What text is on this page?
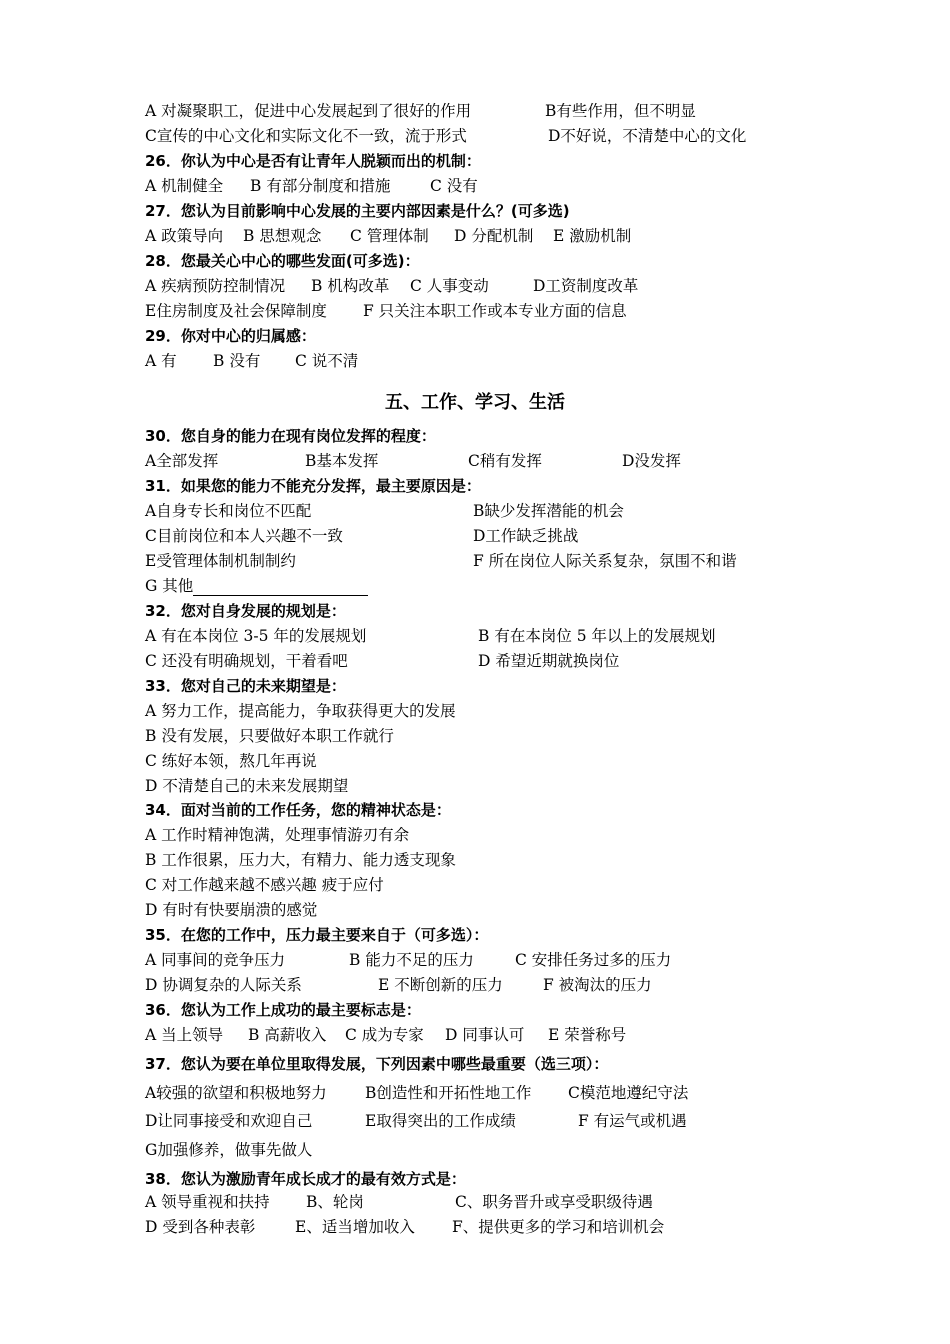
A 对凝聚职工，促进中心发展起到了很好的作用	B有些作用，但不明显
C宣传的中心文化和实际文化不一致，流于形式	D不好说，不清楚中心的文化
26．你认为中心是否有让青年人脱颖而出的机制：
A 机制健全 B 有部分制度和措施	C 没有
27．您认为目前影响中心发展的主要内部因素是什么？(可多选)
A 政策导向 B 思想观念 C 管理体制 D 分配机制 E 激励机制
28．您最关心中心的哪些发面(可多选)：
A 疾病预防控制情况 B 机构改革 C 人事变动	D工资制度改革
E住房制度及社会保障制度 F 只关注本职工作或本专业方面的信息
29．你对中心的归属感：
A 有 B 没有 C 说不清
五、工作、学习、生活
30．您自身的能力在现有岗位发挥的程度：
A全部发挥	B基本发挥	C稍有发挥	D没发挥
31．如果您的能力不能充分发挥，最主要原因是：
A自身专长和岗位不匹配	B缺少发挥潜能的机会
C目前岗位和本人兴趣不一致	D工作缺乏挑战
E受管理体制机制制约	F 所在岗位人际关系复杂，氛围不和谐
G 其他
32．您对自身发展的规划是：
A 有在本岗位 3-5 年的发展规划	B 有在本岗位 5 年以上的发展规划
C 还没有明确规划，干着看吧	D 希望近期就换岗位
33．您对自己的未来期望是：
A 努力工作，提高能力，争取获得更大的发展
B 没有发展，只要做好本职工作就行
C 练好本领，熬几年再说
D 不清楚自己的未来发展期望
34．面对当前的工作任务，您的精神状态是：
A 工作时精神饱满，处理事情游刃有余
B 工作很累，压力大，有精力、能力透支现象
C 对工作越来越不感兴趣 疲于应付
D 有时有快要崩溃的感觉
35．在您的工作中，压力最主要来自于（可多选）：
A 同事间的竞争压力	B 能力不足的压力	C 安排任务过多的压力
D 协调复杂的人际关系	E 不断创新的压力	F 被淘汰的压力
36．您认为工作上成功的最主要标志是：
A 当上领导 B 高薪收入 C 成为专家 D 同事认可 E 荣誉称号
37．您认为要在单位里取得发展，下列因素中哪些最重要（选三项）：
A较强的欲望和积极地努力 B创造性和开拓性地工作 C模范地遵纪守法
D让同事接受和欢迎自己	E取得突出的工作成绩	F 有运气或机遇
G加强修养，做事先做人
38．您认为激励青年成长成才的最有效方式是：
A 领导重视和扶持 B、轮岗	C、职务晋升或享受职级待遇
D 受到各种表彰	E、适当增加收入 F、提供更多的学习和培训机会
